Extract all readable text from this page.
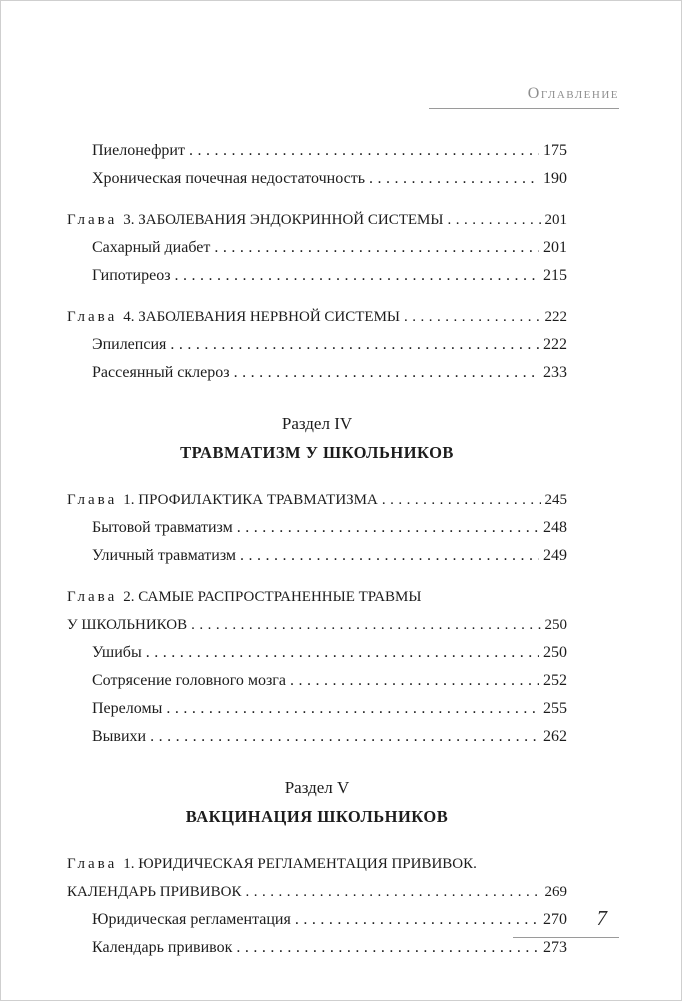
Оглавление
Пиелонефрит .....	175
Хроническая почечная недостаточность .....	190
Глава 3. ЗАБОЛЕВАНИЯ ЭНДОКРИННОЙ СИСТЕМЫ .....	201
Сахарный диабет .....	201
Гипотиреоз .....	215
Глава 4. ЗАБОЛЕВАНИЯ НЕРВНОЙ СИСТЕМЫ .....	222
Эпилепсия .....	222
Рассеянный склероз .....	233
Раздел IV
ТРАВМАТИЗМ У ШКОЛЬНИКОВ
Глава 1. ПРОФИЛАКТИКА ТРАВМАТИЗМА .....	245
Бытовой травматизм .....	248
Уличный травматизм .....	249
Глава 2. САМЫЕ РАСПРОСТРАНЕННЫЕ ТРАВМЫ
У ШКОЛЬНИКОВ .....	250
Ушибы .....	250
Сотрясение головного мозга .....	252
Переломы .....	255
Вывихи .....	262
Раздел V
ВАКЦИНАЦИЯ ШКОЛЬНИКОВ
Глава 1. ЮРИДИЧЕСКАЯ РЕГЛАМЕНТАЦИЯ ПРИВИВОК.
КАЛЕНДАРЬ ПРИВИВОК .....	269
Юридическая регламентация .....	270
Календарь прививок .....	273
7
